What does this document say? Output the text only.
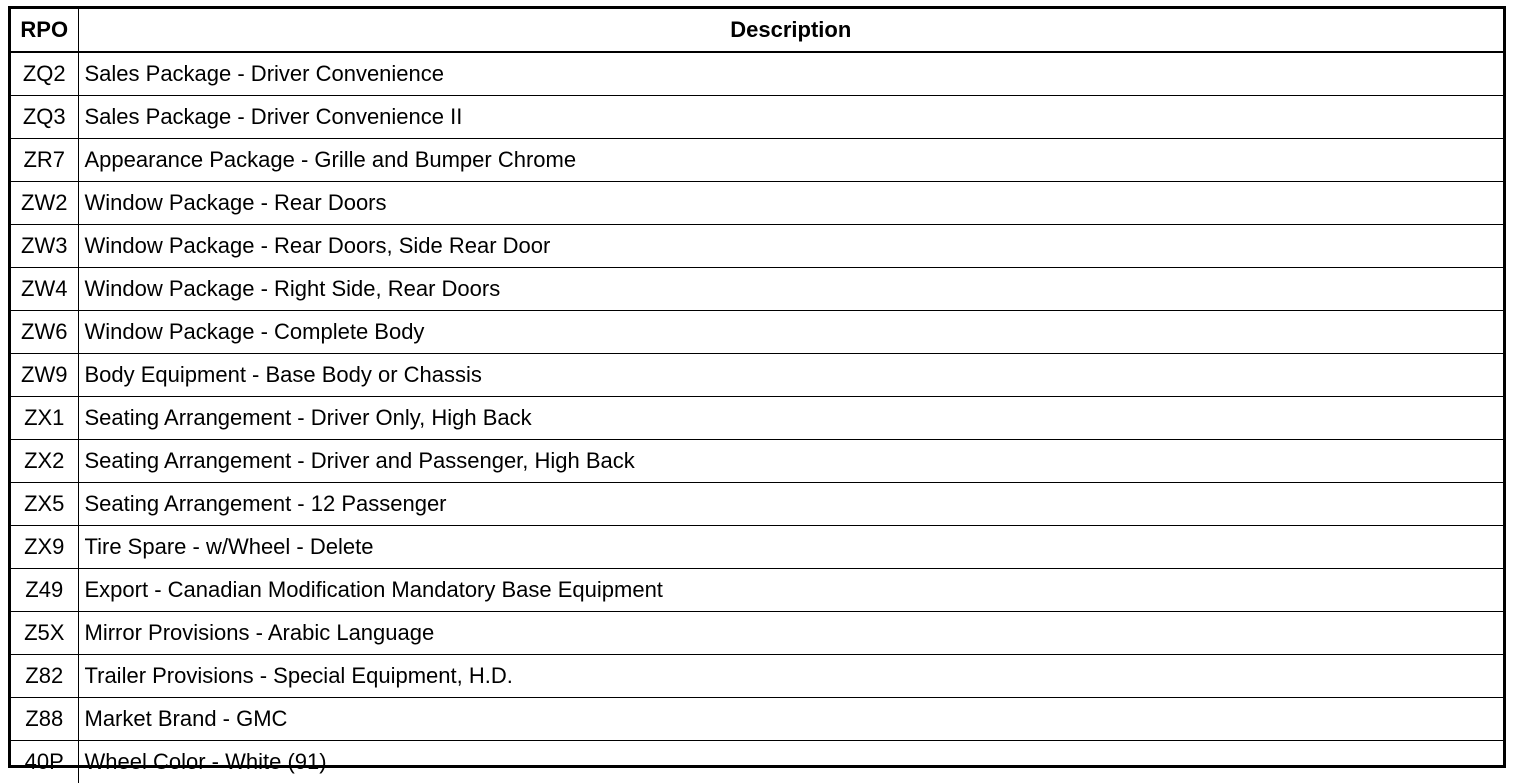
RPO	Description
ZQ2	Sales Package - Driver Convenience
ZQ3	Sales Package - Driver Convenience II
ZR7	Appearance Package - Grille and Bumper Chrome
ZW2	Window Package - Rear Doors
ZW3	Window Package - Rear Doors, Side Rear Door
ZW4	Window Package - Right Side, Rear Doors
ZW6	Window Package - Complete Body
ZW9	Body Equipment - Base Body or Chassis
ZX1	Seating Arrangement - Driver Only, High Back
ZX2	Seating Arrangement - Driver and Passenger, High Back
ZX5	Seating Arrangement - 12 Passenger
ZX9	Tire Spare - w/Wheel - Delete
Z49	Export - Canadian Modification Mandatory Base Equipment
Z5X	Mirror Provisions - Arabic Language
Z82	Trailer Provisions - Special Equipment, H.D.
Z88	Market Brand - GMC
40P	Wheel Color - White (91)
